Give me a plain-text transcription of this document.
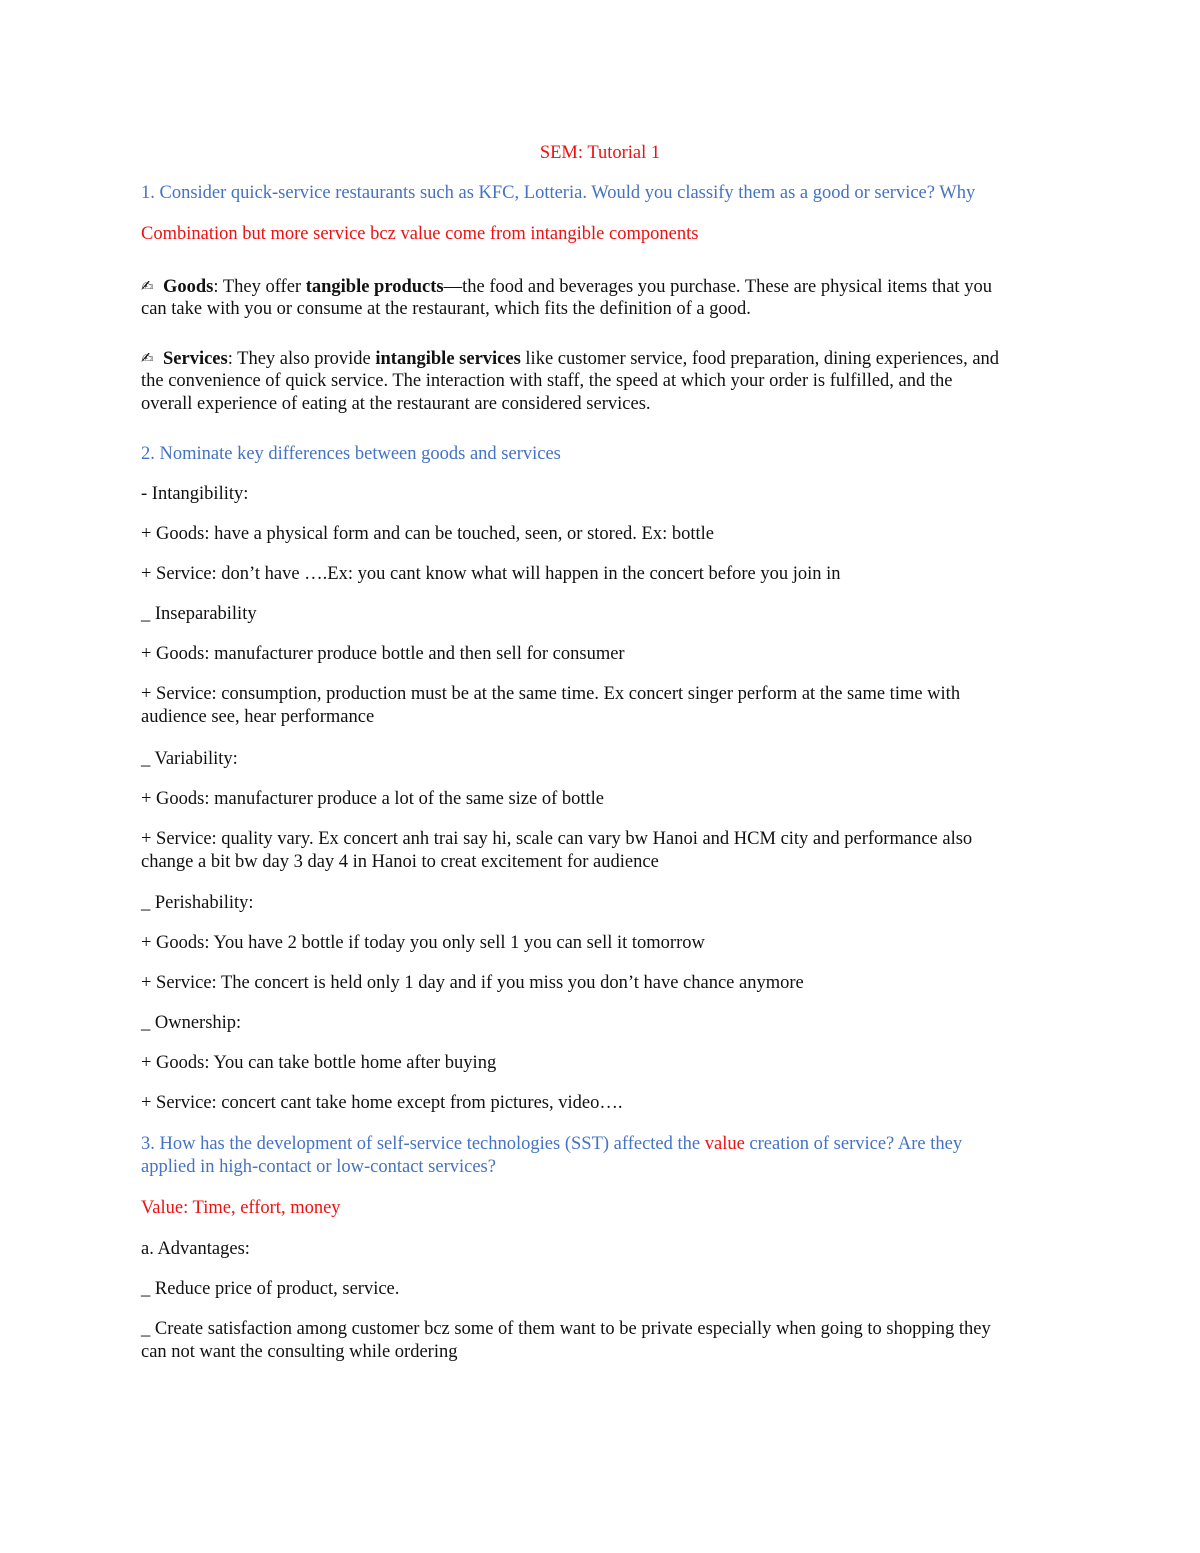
SEM: Tutorial 1
1. Consider quick-service restaurants such as KFC, Lotteria. Would you classify them as a good or service? Why
Combination but more service bcz value come from intangible components
✍ Goods: They offer tangible products—the food and beverages you purchase. These are physical items that you
can take with you or consume at the restaurant, which fits the definition of a good.
✍ Services: They also provide intangible services like customer service, food preparation, dining experiences, and
the convenience of quick service. The interaction with staff, the speed at which your order is fulfilled, and the
overall experience of eating at the restaurant are considered services.
2. Nominate key differences between goods and services
- Intangibility:
+ Goods: have a physical form and can be touched, seen, or stored. Ex: bottle
+ Service: don’t have ….Ex: you cant know what will happen in the concert before you join in
_ Inseparability
+ Goods: manufacturer produce bottle and then sell for consumer
+ Service: consumption, production must be at the same time. Ex concert singer perform at the same time with
audience see, hear performance
_ Variability:
+ Goods: manufacturer produce a lot of the same size of bottle
+ Service: quality vary. Ex concert anh trai say hi, scale can vary bw Hanoi and HCM city and performance also
change a bit bw day 3 day 4 in Hanoi to creat excitement for audience
_ Perishability:
+ Goods: You have 2 bottle if today you only sell 1 you can sell it tomorrow
+ Service: The concert is held only 1 day and if you miss you don’t have chance anymore
_ Ownership:
+ Goods: You can take bottle home after buying
+ Service: concert cant take home except from pictures, video….
3. How has the development of self-service technologies (SST) affected the value creation of service? Are they
applied in high-contact or low-contact services?
Value: Time, effort, money
a. Advantages:
_ Reduce price of product, service.
_ Create satisfaction among customer bcz some of them want to be private especially when going to shopping they
can not want the consulting while ordering
